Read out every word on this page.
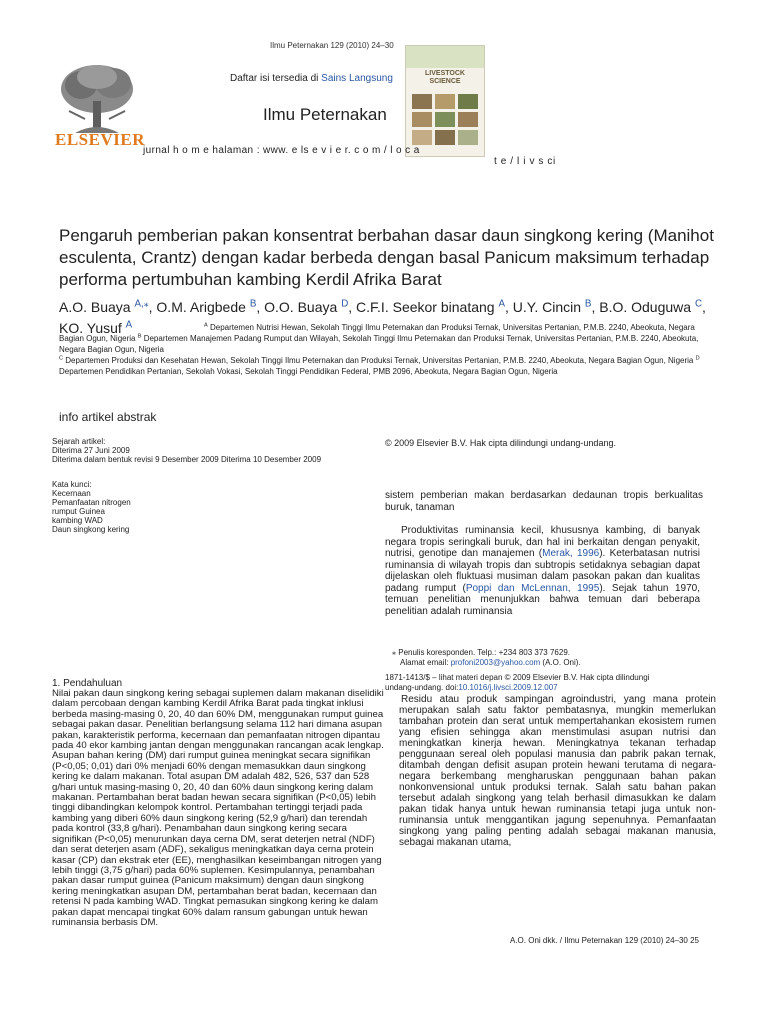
Ilmu Peternakan 129 (2010) 24–30
ELSEVIER
Daftar isi tersedia di Sains Langsung
Ilmu Peternakan
LIVESTOCK SCIENCE
jurnal h o m e halaman : www. e ls e v i e r. c o m / l o c a
t e / l i v s ci
Pengaruh pemberian pakan konsentrat berbahan dasar daun singkong kering (Manihot esculenta, Crantz) dengan kadar berbeda dengan basal Panicum maksimum terhadap performa pertumbuhan kambing Kerdil Afrika Barat
A.O. Buaya $^{A,⁎}$, O.M. Arigbede $^B$, O.O. Buaya $^D$, C.F.I. Seekor binatang $^A$, U.Y. Cincin $^B$, B.O. Oduguwa $^C$, KO. Yusuf $^A$	$^A$ Departemen Nutrisi Hewan, Sekolah Tinggi Ilmu Peternakan dan Produksi Ternak, Universitas Pertanian, P.M.B. 2240, Abeokuta, Negara Bagian Ogun, Nigeria $^B$ Departemen Manajemen Padang Rumput dan Wilayah, Sekolah Tinggi Ilmu Peternakan dan Produksi Ternak, Universitas Pertanian, P.M.B. 2240, Abeokuta, Negara Bagian Ogun, Nigeria
$^C$ Departemen Produksi dan Kesehatan Hewan, Sekolah Tinggi Ilmu Peternakan dan Produksi Ternak, Universitas Pertanian, P.M.B. 2240, Abeokuta, Negara Bagian Ogun, Nigeria $^D$ Departemen Pendidikan Pertanian, Sekolah Vokasi, Sekolah Tinggi Pendidikan Federal, PMB 2096, Abeokuta, Negara Bagian Ogun, Nigeria
info artikel abstrak
Sejarah artikel:
Diterima 27 Juni 2009
Diterima dalam bentuk revisi 9 Desember 2009 Diterima 10 Desember 2009
Kata kunci:
Kecernaan
Pemanfaatan nitrogen
rumput Guinea
kambing WAD
Daun singkong kering
© 2009 Elsevier B.V. Hak cipta dilindungi undang-undang.
sistem pemberian makan berdasarkan dedaunan tropis berkualitas buruk, tanaman
Produktivitas ruminansia kecil, khususnya kambing, di banyak negara tropis seringkali buruk, dan hal ini berkaitan dengan penyakit, nutrisi, genotipe dan manajemen (Merak, 1996). Keterbatasan nutrisi ruminansia di wilayah tropis dan subtropis setidaknya sebagian dapat dijelaskan oleh fluktuasi musiman dalam pasokan pakan dan kualitas padang rumput (Poppi dan McLennan, 1995). Sejak tahun 1970, temuan penelitian menunjukkan bahwa temuan dari beberapa penelitian adalah ruminansia
⁎ Penulis koresponden. Telp.: +234 803 373 7629.
Alamat email: profoni2003@yahoo.com (A.O. Oni).
1871-1413/$ – lihat materi depan © 2009 Elsevier B.V. Hak cipta dilindungi
undang-undang. doi:10.1016/j.livsci.2009.12.007
1. Pendahuluan
Nilai pakan daun singkong kering sebagai suplemen dalam makanan diselidiki dalam percobaan dengan kambing Kerdil Afrika Barat pada tingkat inklusi berbeda masing-masing 0, 20, 40 dan 60% DM, menggunakan rumput guinea sebagai pakan dasar. Penelitian berlangsung selama 112 hari dimana asupan pakan, karakteristik performa, kecernaan dan pemanfaatan nitrogen dipantau pada 40 ekor kambing jantan dengan menggunakan rancangan acak lengkap. Asupan bahan kering (DM) dari rumput guinea meningkat secara signifikan (P<0,05; 0,01) dari 0% menjadi 60% dengan memasukkan daun singkong kering ke dalam makanan. Total asupan DM adalah 482, 526, 537 dan 528 g/hari untuk masing-masing 0, 20, 40 dan 60% daun singkong kering dalam makanan. Pertambahan berat badan hewan secara signifikan (P<0,05) lebih tinggi dibandingkan kelompok kontrol. Pertambahan tertinggi terjadi pada kambing yang diberi 60% daun singkong kering (52,9 g/hari) dan terendah pada kontrol (33,8 g/hari). Penambahan daun singkong kering secara signifikan (P<0,05) menurunkan daya cerna DM, serat deterjen netral (NDF) dan serat deterjen asam (ADF), sekaligus meningkatkan daya cerna protein kasar (CP) dan ekstrak eter (EE), menghasilkan keseimbangan nitrogen yang lebih tinggi (3,75 g/hari) pada 60% suplemen. Kesimpulannya, penambahan pakan dasar rumput guinea (Panicum maksimum) dengan daun singkong kering meningkatkan asupan DM, pertambahan berat badan, kecernaan dan retensi N pada kambing WAD. Tingkat pemasukan singkong kering ke dalam pakan dapat mencapai tingkat 60% dalam ransum gabungan untuk hewan ruminansia berbasis DM.
Residu atau produk sampingan agroindustri, yang mana protein merupakan salah satu faktor pembatasnya, mungkin memerlukan tambahan protein dan serat untuk mempertahankan ekosistem rumen yang efisien sehingga akan menstimulasi asupan nutrisi dan meningkatkan kinerja hewan. Meningkatnya tekanan terhadap penggunaan sereal oleh populasi manusia dan pabrik pakan ternak, ditambah dengan defisit asupan protein hewani terutama di negara-negara berkembang mengharuskan penggunaan bahan pakan nonkonvensional untuk produksi ternak. Salah satu bahan pakan tersebut adalah singkong yang telah berhasil dimasukkan ke dalam pakan tidak hanya untuk hewan ruminansia tetapi juga untuk non-ruminansia untuk menggantikan jagung sepenuhnya. Pemanfaatan singkong yang paling penting adalah sebagai makanan manusia, sebagai makanan utama,
A.O. Oni dkk. / Ilmu Peternakan 129 (2010) 24–30 25
